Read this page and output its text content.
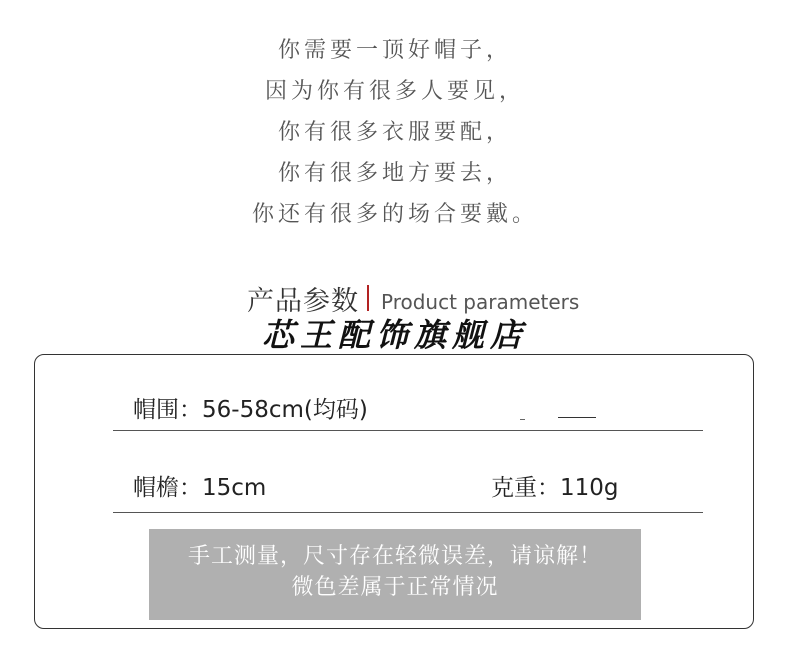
你需要一顶好帽子，
因为你有很多人要见，
你有很多衣服要配，
你有很多地方要去，
你还有很多的场合要戴。
产品参数 Product parameters
芯王配饰旗舰店
帽围：56-58cm(均码)
帽檐：15cm	克重：110g
手工测量，尺寸存在轻微误差，请谅解！
微色差属于正常情况
